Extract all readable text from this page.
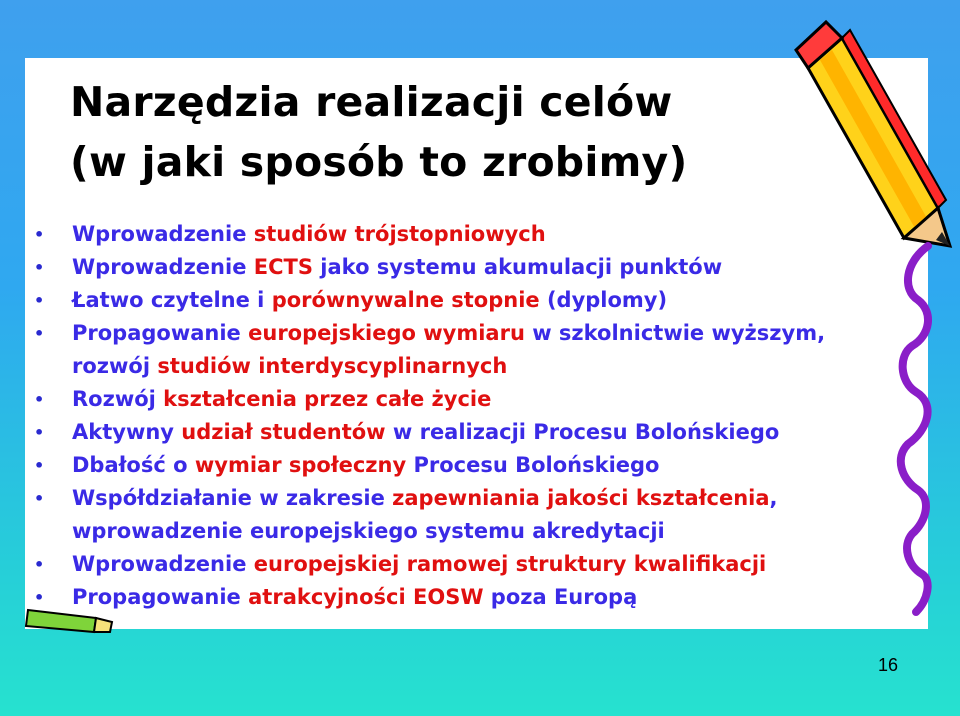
Narzędzia realizacji celów
(w jaki sposób to zrobimy)
• Wprowadzenie studiów trójstopniowych
• Wprowadzenie ECTS jako systemu akumulacji punktów
• Łatwo czytelne i porównywalne stopnie (dyplomy)
• Propagowanie europejskiego wymiaru w szkolnictwie wyższym,
rozwój studiów interdyscyplinarnych
• Rozwój kształcenia przez całe życie
• Aktywny udział studentów w realizacji Procesu Bolońskiego
• Dbałość o wymiar społeczny Procesu Bolońskiego
• Współdziałanie w zakresie zapewniania jakości kształcenia,
wprowadzenie europejskiego systemu akredytacji
• Wprowadzenie europejskiej ramowej struktury kwalifikacji
• Propagowanie atrakcyjności EOSW poza Europą
16
